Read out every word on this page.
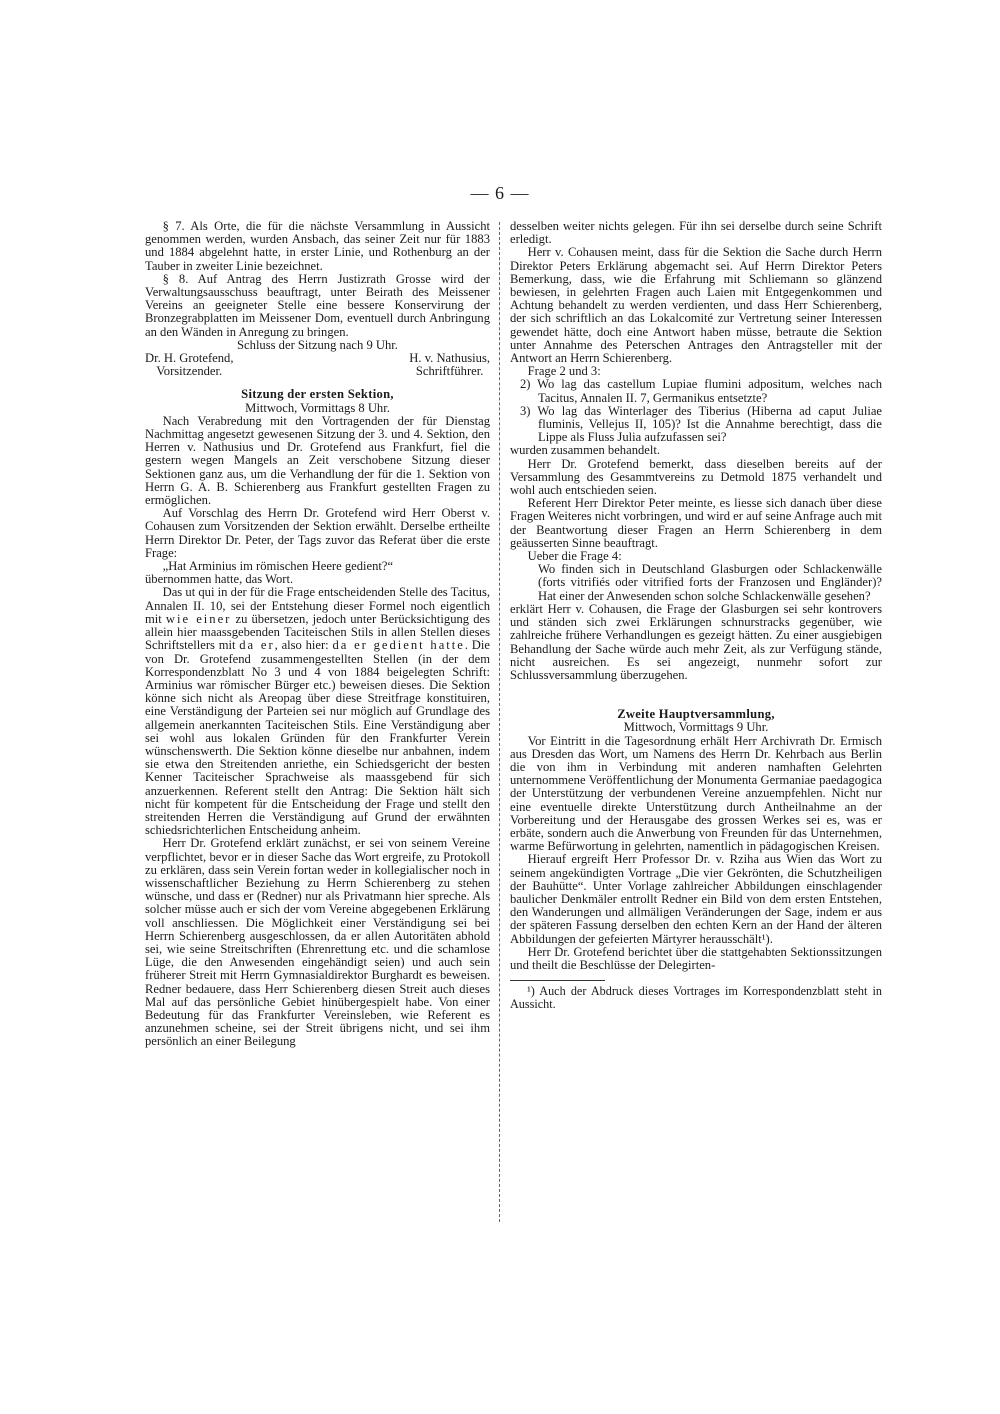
— 6 —

§ 7. Als Orte, die für die nächste Versammlung in Aussicht genommen werden, wurden Ansbach, das seiner Zeit nur für 1883 und 1884 abgelehnt hatte, in erster Linie, und Rothenburg an der Tauber in zweiter Linie bezeichnet.

§ 8. Auf Antrag des Herrn Justizrath Grosse wird der Verwaltungsausschuss beauftragt, unter Beirath des Meissener Vereins an geeigneter Stelle eine bessere Konservirung der Bronzegrabplatten im Meissener Dom, eventuell durch Anbringung an den Wänden in Anregung zu bringen.

Schluss der Sitzung nach 9 Uhr.

Dr. H. Grotefend,
Vorsitzender.
H. v. Nathusius,
Schriftführer.

Sitzung der ersten Sektion,

Mittwoch, Vormittags 8 Uhr.

Nach Verabredung mit den Vortragenden der für Dienstag Nachmittag angesetzt gewesenen Sitzung der 3. und 4. Sektion, den Herren v. Nathusius und Dr. Grotefend aus Frankfurt, fiel die gestern wegen Mangels an Zeit verschobene Sitzung dieser Sektionen ganz aus, um die Verhandlung der für die 1. Sektion von Herrn G. A. B. Schierenberg aus Frankfurt gestellten Fragen zu ermöglichen.

Auf Vorschlag des Herrn Dr. Grotefend wird Herr Oberst v. Cohausen zum Vorsitzenden der Sektion erwählt. Derselbe ertheilte Herrn Direktor Dr. Peter, der Tags zuvor das Referat über die erste Frage:

„Hat Arminius im römischen Heere gedient?“

übernommen hatte, das Wort.

Das ut qui in der für die Frage entscheidenden Stelle des Tacitus, Annalen II. 10, sei der Entstehung dieser Formel noch eigentlich mit wie einer zu übersetzen, jedoch unter Berücksichtigung des allein hier maassgebenden Taciteischen Stils in allen Stellen dieses Schriftstellers mit da er, also hier: da er gedient hatte. Die von Dr. Grotefend zusammengestellten Stellen (in der dem Korrespondenzblatt No 3 und 4 von 1884 beigelegten Schrift: Arminius war römischer Bürger etc.) beweisen dieses. Die Sektion könne sich nicht als Areopag über diese Streitfrage konstituiren, eine Verständigung der Parteien sei nur möglich auf Grundlage des allgemein anerkannten Taciteischen Stils. Eine Verständigung aber sei wohl aus lokalen Gründen für den Frankfurter Verein wünschenswerth. Die Sektion könne dieselbe nur anbahnen, indem sie etwa den Streitenden anriethe, ein Schiedsgericht der besten Kenner Taciteischer Sprachweise als maassgebend für sich anzuerkennen. Referent stellt den Antrag: Die Sektion hält sich nicht für kompetent für die Entscheidung der Frage und stellt den streitenden Herren die Verständigung auf Grund der erwähnten schiedsrichterlichen Entscheidung anheim.

Herr Dr. Grotefend erklärt zunächst, er sei von seinem Vereine verpflichtet, bevor er in dieser Sache das Wort ergreife, zu Protokoll zu erklären, dass sein Verein fortan weder in kollegialischer noch in wissenschaftlicher Beziehung zu Herrn Schierenberg zu stehen wünsche, und dass er (Redner) nur als Privatmann hier spreche. Als solcher müsse auch er sich der vom Vereine abgegebenen Erklärung voll anschliessen. Die Möglichkeit einer Verständigung sei bei Herrn Schierenberg ausgeschlossen, da er allen Autoritäten abhold sei, wie seine Streitschriften (Ehrenrettung etc. und die schamlose Lüge, die den Anwesenden eingehändigt seien) und auch sein früherer Streit mit Herrn Gymnasialdirektor Burghardt es beweisen. Redner bedauere, dass Herr Schierenberg diesen Streit auch dieses Mal auf das persönliche Gebiet hinübergespielt habe. Von einer Bedeutung für das Frankfurter Vereinsleben, wie Referent es anzunehmen scheine, sei der Streit übrigens nicht, und sei ihm persönlich an einer Beilegung

desselben weiter nichts gelegen. Für ihn sei derselbe durch seine Schrift erledigt.

Herr v. Cohausen meint, dass für die Sektion die Sache durch Herrn Direktor Peters Erklärung abgemacht sei. Auf Herrn Direktor Peters Bemerkung, dass, wie die Erfahrung mit Schliemann so glänzend bewiesen, in gelehrten Fragen auch Laien mit Entgegenkommen und Achtung behandelt zu werden verdienten, und dass Herr Schierenberg, der sich schriftlich an das Lokalcomité zur Vertretung seiner Interessen gewendet hätte, doch eine Antwort haben müsse, betraute die Sektion unter Annahme des Peterschen Antrages den Antragsteller mit der Antwort an Herrn Schierenberg.

Frage 2 und 3:

2) Wo lag das castellum Lupiae flumini adpositum, welches nach Tacitus, Annalen II. 7, Germanikus entsetzte?

3) Wo lag das Winterlager des Tiberius (Hiberna ad caput Juliae fluminis, Vellejus II, 105)? Ist die Annahme berechtigt, dass die Lippe als Fluss Julia aufzufassen sei?

wurden zusammen behandelt.

Herr Dr. Grotefend bemerkt, dass dieselben bereits auf der Versammlung des Gesammtvereins zu Detmold 1875 verhandelt und wohl auch entschieden seien.

Referent Herr Direktor Peter meinte, es liesse sich danach über diese Fragen Weiteres nicht vorbringen, und wird er auf seine Anfrage auch mit der Beantwortung dieser Fragen an Herrn Schierenberg in dem geäusserten Sinne beauftragt.

Ueber die Frage 4:

Wo finden sich in Deutschland Glasburgen oder Schlackenwälle (forts vitrifiés oder vitrified forts der Franzosen und Engländer)? Hat einer der Anwesenden schon solche Schlackenwälle gesehen?

erklärt Herr v. Cohausen, die Frage der Glasburgen sei sehr kontrovers und ständen sich zwei Erklärungen schnurstracks gegenüber, wie zahlreiche frühere Verhandlungen es gezeigt hätten. Zu einer ausgiebigen Behandlung der Sache würde auch mehr Zeit, als zur Verfügung stände, nicht ausreichen. Es sei angezeigt, nunmehr sofort zur Schlussversammlung überzugehen.

Zweite Hauptversammlung,

Mittwoch, Vormittags 9 Uhr.

Vor Eintritt in die Tagesordnung erhält Herr Archivrath Dr. Ermisch aus Dresden das Wort, um Namens des Herrn Dr. Kehrbach aus Berlin die von ihm in Verbindung mit anderen namhaften Gelehrten unternommene Veröffentlichung der Monumenta Germaniae paedagogica der Unterstützung der verbundenen Vereine anzuempfehlen. Nicht nur eine eventuelle direkte Unterstützung durch Antheilnahme an der Vorbereitung und der Herausgabe des grossen Werkes sei es, was er erbäte, sondern auch die Anwerbung von Freunden für das Unternehmen, warme Befürwortung in gelehrten, namentlich in pädagogischen Kreisen.

Hierauf ergreift Herr Professor Dr. v. Rziha aus Wien das Wort zu seinem angekündigten Vortrage „Die vier Gekrönten, die Schutzheiligen der Bauhütte“. Unter Vorlage zahlreicher Abbildungen einschlagender baulicher Denkmäler entrollt Redner ein Bild von dem ersten Entstehen, den Wanderungen und allmäligen Veränderungen der Sage, indem er aus der späteren Fassung derselben den echten Kern an der Hand der älteren Abbildungen der gefeierten Märtyrer herausschält¹).

Herr Dr. Grotefend berichtet über die stattgehabten Sektionssitzungen und theilt die Beschlüsse der Delegirten-

¹) Auch der Abdruck dieses Vortrages im Korrespondenzblatt steht in Aussicht.
